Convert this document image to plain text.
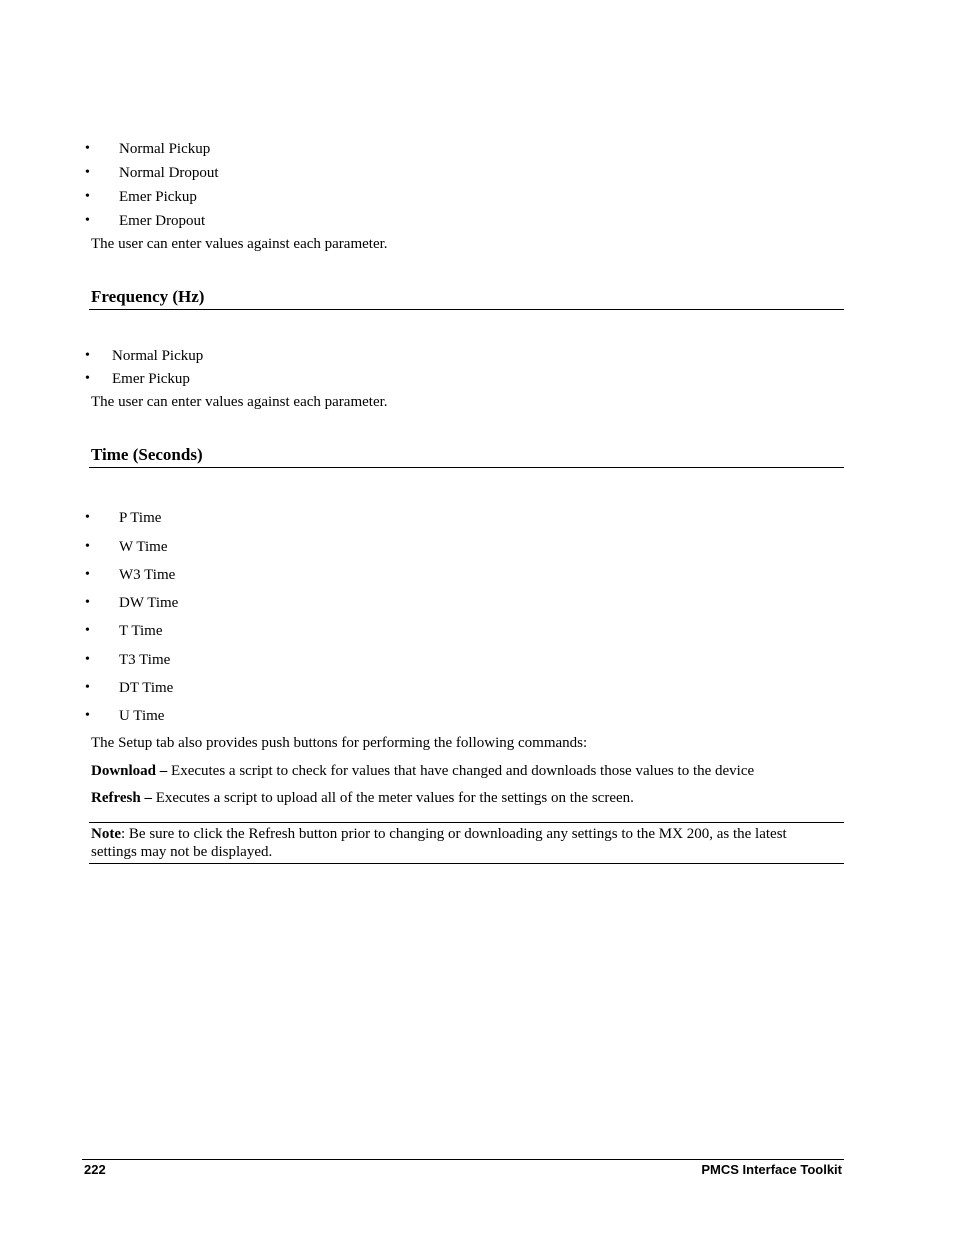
• Normal Pickup
• Normal Dropout
• Emer Pickup
• Emer Dropout
The user can enter values against each parameter.
Frequency (Hz)
• Normal Pickup
• Emer Pickup
The user can enter values against each parameter.
Time (Seconds)
• P Time
• W Time
• W3 Time
• DW Time
• T Time
• T3 Time
• DT Time
• U Time
The Setup tab also provides push buttons for performing the following commands:
Download – Executes a script to check for values that have changed and downloads those values to the device
Refresh – Executes a script to upload all of the meter values for the settings on the screen.
Note: Be sure to click the Refresh button prior to changing or downloading any settings to the MX 200, as the latest
settings may not be displayed.
222	PMCS Interface Toolkit
